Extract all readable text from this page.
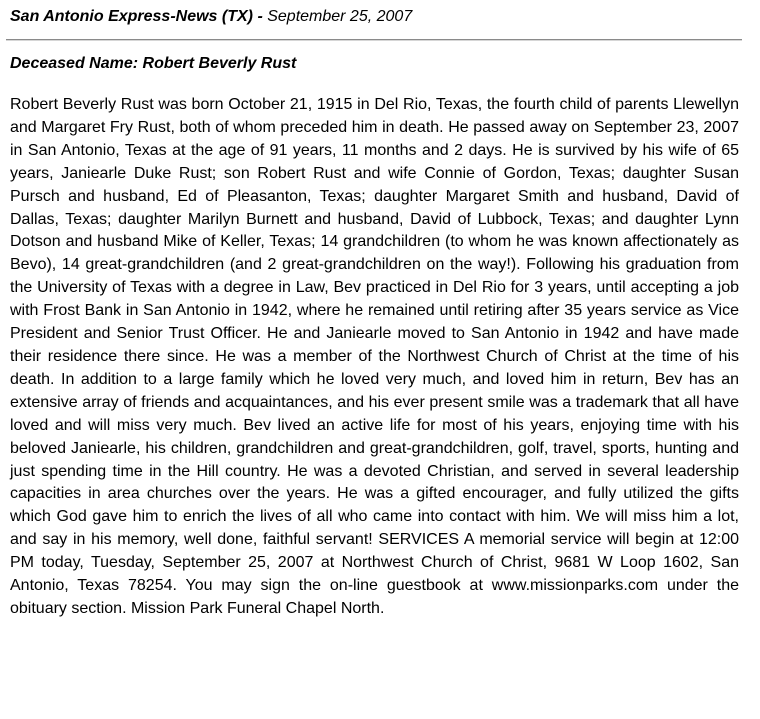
San Antonio Express-News (TX) - September 25, 2007
Deceased Name: Robert Beverly Rust

Robert Beverly Rust was born October 21, 1915 in Del Rio, Texas, the fourth child of parents Llewellyn and Margaret Fry Rust, both of whom preceded him in death. He passed away on September 23, 2007 in San Antonio, Texas at the age of 91 years, 11 months and 2 days. He is survived by his wife of 65 years, Janiearle Duke Rust; son Robert Rust and wife Connie of Gordon, Texas; daughter Susan Pursch and husband, Ed of Pleasanton, Texas; daughter Margaret Smith and husband, David of Dallas, Texas; daughter Marilyn Burnett and husband, David of Lubbock, Texas; and daughter Lynn Dotson and husband Mike of Keller, Texas; 14 grandchildren (to whom he was known affectionately as Bevo), 14 great-grandchildren (and 2 great-grandchildren on the way!). Following his graduation from the University of Texas with a degree in Law, Bev practiced in Del Rio for 3 years, until accepting a job with Frost Bank in San Antonio in 1942, where he remained until retiring after 35 years service as Vice President and Senior Trust Officer. He and Janiearle moved to San Antonio in 1942 and have made their residence there since. He was a member of the Northwest Church of Christ at the time of his death. In addition to a large family which he loved very much, and loved him in return, Bev has an extensive array of friends and acquaintances, and his ever present smile was a trademark that all have loved and will miss very much. Bev lived an active life for most of his years, enjoying time with his beloved Janiearle, his children, grandchildren and great-grandchildren, golf, travel, sports, hunting and just spending time in the Hill country. He was a devoted Christian, and served in several leadership capacities in area churches over the years. He was a gifted encourager, and fully utilized the gifts which God gave him to enrich the lives of all who came into contact with him. We will miss him a lot, and say in his memory, well done, faithful servant! SERVICES A memorial service will begin at 12:00 PM today, Tuesday, September 25, 2007 at Northwest Church of Christ, 9681 W Loop 1602, San Antonio, Texas 78254. You may sign the on-line guestbook at www.missionparks.com under the obituary section. Mission Park Funeral Chapel North.
